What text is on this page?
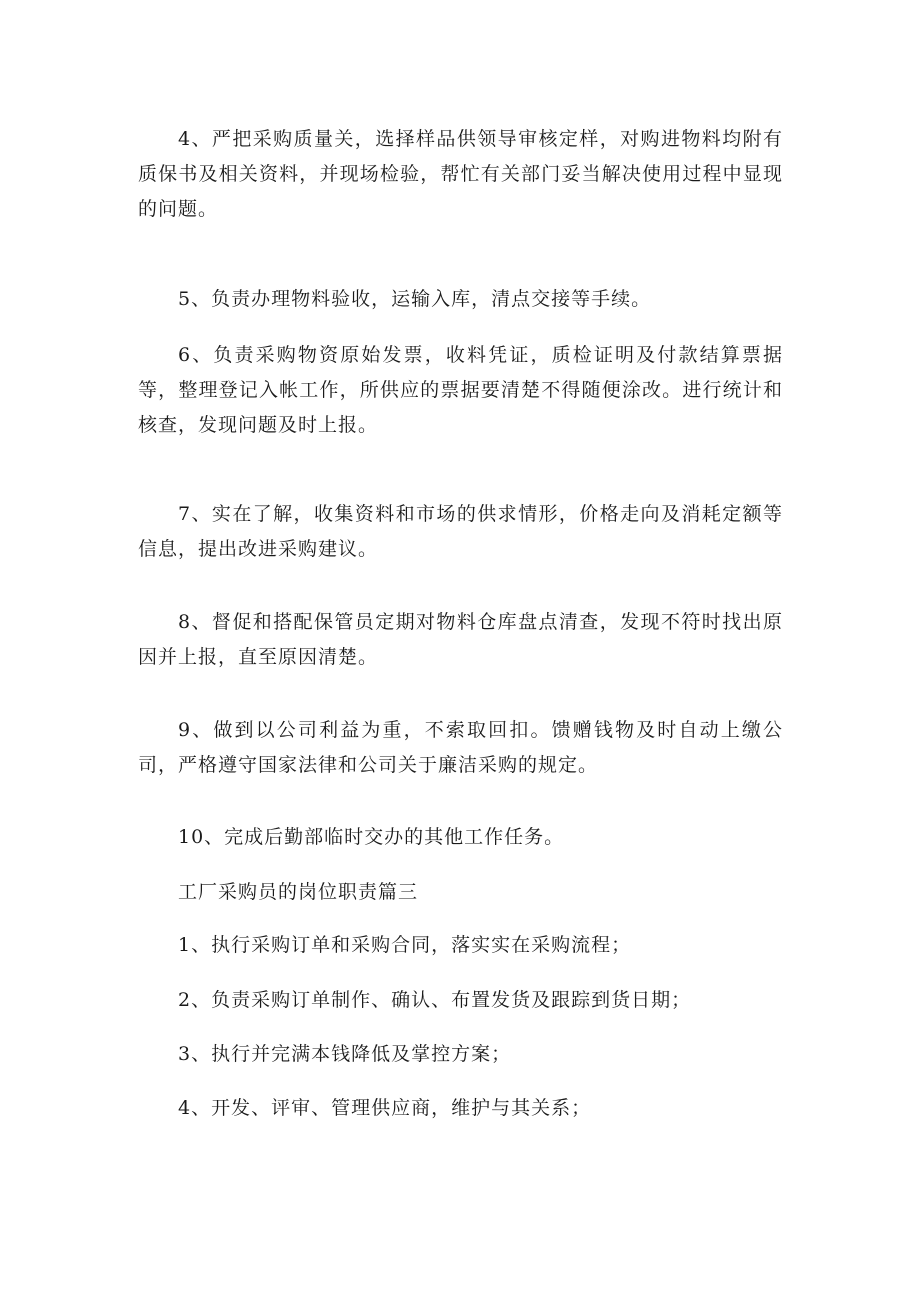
4、严把采购质量关，选择样品供领导审核定样，对购进物料均附有质保书及相关资料，并现场检验，帮忙有关部门妥当解决使用过程中显现的问题。

5、负责办理物料验收，运输入库，清点交接等手续。

6、负责采购物资原始发票，收料凭证，质检证明及付款结算票据等，整理登记入帐工作，所供应的票据要清楚不得随便涂改。进行统计和核查，发现问题及时上报。

7、实在了解，收集资料和市场的供求情形，价格走向及消耗定额等信息，提出改进采购建议。

8、督促和搭配保管员定期对物料仓库盘点清查，发现不符时找出原因并上报，直至原因清楚。

9、做到以公司利益为重，不索取回扣。馈赠钱物及时自动上缴公司，严格遵守国家法律和公司关于廉洁采购的规定。

10、完成后勤部临时交办的其他工作任务。

工厂采购员的岗位职责篇三

1、执行采购订单和采购合同，落实实在采购流程；

2、负责采购订单制作、确认、布置发货及跟踪到货日期；

3、执行并完满本钱降低及掌控方案；

4、开发、评审、管理供应商，维护与其关系；
